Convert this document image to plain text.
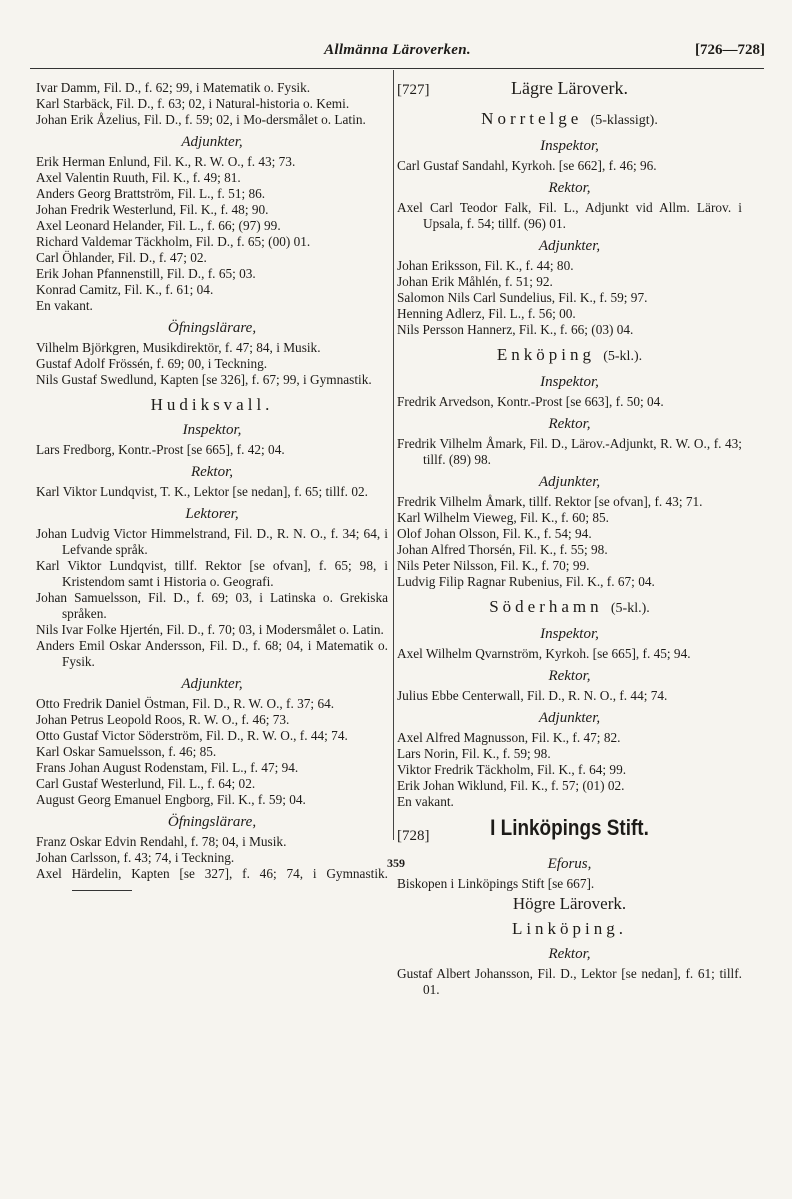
Allmänna Läroverken.	[726—728]
Ivar Damm, Fil. D., f. 62; 99, i Matematik o. Fysik.
Karl Starbäck, Fil. D., f. 63; 02, i Natural-historia o. Kemi.
Johan Erik Åzelius, Fil. D., f. 59; 02, i Mo-dersmålet o. Latin.
Adjunkter,
Erik Herman Enlund, Fil. K., R. W. O., f. 43; 73.
Axel Valentin Ruuth, Fil. K., f. 49; 81.
Anders Georg Brattström, Fil. L., f. 51; 86.
Johan Fredrik Westerlund, Fil. K., f. 48; 90.
Axel Leonard Helander, Fil. L., f. 66; (97) 99.
Richard Valdemar Täckholm, Fil. D., f. 65; (00) 01.
Carl Öhlander, Fil. D., f. 47; 02.
Erik Johan Pfannenstill, Fil. D., f. 65; 03.
Konrad Camitz, Fil. K., f. 61; 04.
En vakant.
Öfningslärare,
Vilhelm Björkgren, Musikdirektör, f. 47; 84, i Musik.
Gustaf Adolf Frössén, f. 69; 00, i Teckning.
Nils Gustaf Swedlund, Kapten [se 326], f. 67; 99, i Gymnastik.
Hudiksvall.
Inspektor,
Lars Fredborg, Kontr.-Prost [se 665], f. 42; 04.
Rektor,
Karl Viktor Lundqvist, T. K., Lektor [se nedan], f. 65; tillf. 02.
Lektorer,
Johan Ludvig Victor Himmelstrand, Fil. D., R. N. O., f. 34; 64, i Lefvande språk.
Karl Viktor Lundqvist, tillf. Rektor [se ofvan], f. 65; 98, i Kristendom samt i Historia o. Geografi.
Johan Samuelsson, Fil. D., f. 69; 03, i Latinska o. Grekiska språken.
Nils Ivar Folke Hjertén, Fil. D., f. 70; 03, i Modersmålet o. Latin.
Anders Emil Oskar Andersson, Fil. D., f. 68; 04, i Matematik o. Fysik.
Adjunkter,
Otto Fredrik Daniel Östman, Fil. D., R. W. O., f. 37; 64.
Johan Petrus Leopold Roos, R. W. O., f. 46; 73.
Otto Gustaf Victor Söderström, Fil. D., R. W. O., f. 44; 74.
Karl Oskar Samuelsson, f. 46; 85.
Frans Johan August Rodenstam, Fil. L., f. 47; 94.
Carl Gustaf Westerlund, Fil. L., f. 64; 02.
August Georg Emanuel Engborg, Fil. K., f. 59; 04.
Öfningslärare,
Franz Oskar Edvin Rendahl, f. 78; 04, i Musik.
Johan Carlsson, f. 43; 74, i Teckning.
Axel Härdelin, Kapten [se 327], f. 46; 74, i Gymnastik.
[727]	Lägre Läroverk.
Norrtelge (5-klassigt).
Inspektor,
Carl Gustaf Sandahl, Kyrkoh. [se 662], f. 46; 96.
Rektor,
Axel Carl Teodor Falk, Fil. L., Adjunkt vid Allm. Lärov. i Upsala, f. 54; tillf. (96) 01.
Adjunkter,
Johan Eriksson, Fil. K., f. 44; 80.
Johan Erik Måhlén, f. 51; 92.
Salomon Nils Carl Sundelius, Fil. K., f. 59; 97.
Henning Adlerz, Fil. L., f. 56; 00.
Nils Persson Hannerz, Fil. K., f. 66; (03) 04.
Enköping (5-kl.).
Inspektor,
Fredrik Arvedson, Kontr.-Prost [se 663], f. 50; 04.
Rektor,
Fredrik Vilhelm Åmark, Fil. D., Lärov.-Adjunkt, R. W. O., f. 43; tillf. (89) 98.
Adjunkter,
Fredrik Vilhelm Åmark, tillf. Rektor [se ofvan], f. 43; 71.
Karl Wilhelm Vieweg, Fil. K., f. 60; 85.
Olof Johan Olsson, Fil. K., f. 54; 94.
Johan Alfred Thorsén, Fil. K., f. 55; 98.
Nils Peter Nilsson, Fil. K., f. 70; 99.
Ludvig Filip Ragnar Rubenius, Fil. K., f. 67; 04.
Söderhamn (5-kl.).
Inspektor,
Axel Wilhelm Qvarnström, Kyrkoh. [se 665], f. 45; 94.
Rektor,
Julius Ebbe Centerwall, Fil. D., R. N. O., f. 44; 74.
Adjunkter,
Axel Alfred Magnusson, Fil. K., f. 47; 82.
Lars Norin, Fil. K., f. 59; 98.
Viktor Fredrik Täckholm, Fil. K., f. 64; 99.
Erik Johan Wiklund, Fil. K., f. 57; (01) 02.
En vakant.
[728]	I Linköpings Stift.
Eforus,
Biskopen i Linköpings Stift [se 667].
Högre Läroverk.
Linköping.
Rektor,
Gustaf Albert Johansson, Fil. D., Lektor [se nedan], f. 61; tillf. 01.
359
